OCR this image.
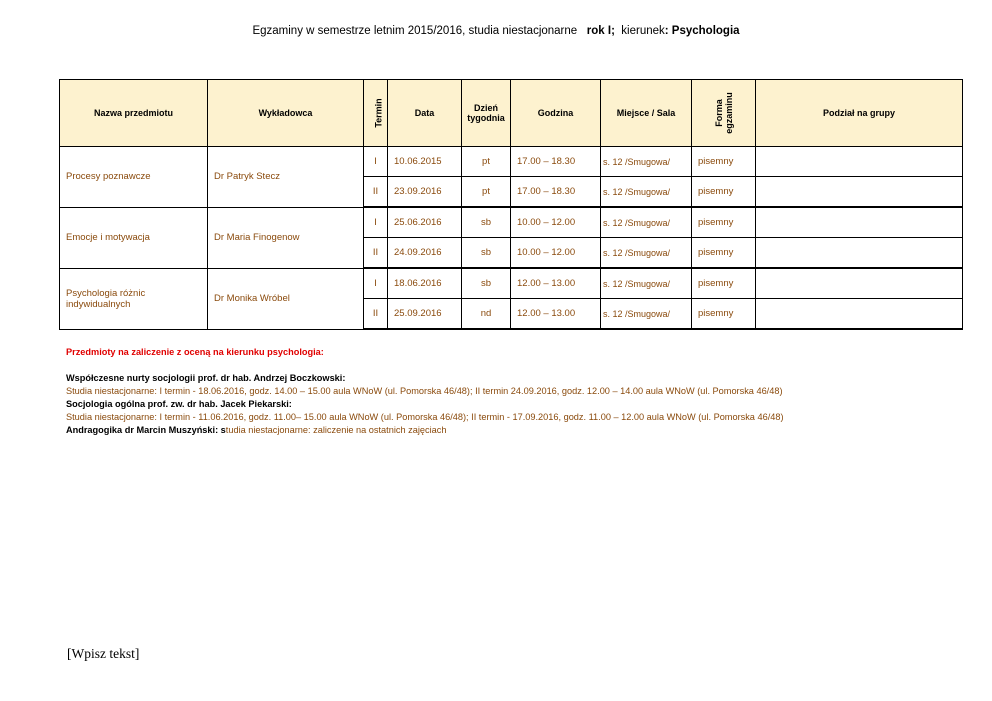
Egzaminy w semestrze letnim 2015/2016, studia niestacjonarne rok I; kierunek: Psychologia
Nazwa przedmiotu	Wykładowca	Termin	Data	Dzień tygodnia	Godzina	Miejsce / Sala	Forma egzaminu	Podział na grupy
Procesy poznawcze	Dr Patryk Stecz	I	10.06.2015	pt	17.00 – 18.30	s. 12 /Smugowa/	pisemny	
		II	23.09.2016	pt	17.00 – 18.30	s. 12 /Smugowa/	pisemny	
Emocje i motywacja	Dr Maria Finogenow	I	25.06.2016	sb	10.00 – 12.00	s. 12 /Smugowa/	pisemny	
		II	24.09.2016	sb	10.00 – 12.00	s. 12 /Smugowa/	pisemny	
Psychologia różnic indywidualnych	Dr Monika Wróbel	I	18.06.2016	sb	12.00 – 13.00	s. 12 /Smugowa/	pisemny	
		II	25.09.2016	nd	12.00 – 13.00	s. 12 /Smugowa/	pisemny	
Przedmioty na zaliczenie z oceną na kierunku psychologia:
Współczesne nurty socjologii prof. dr hab. Andrzej Boczkowski:
Studia niestacjonarne: I termin - 18.06.2016, godz. 14.00 – 15.00 aula WNoW (ul. Pomorska 46/48); II termin 24.09.2016, godz. 12.00 – 14.00 aula WNoW (ul. Pomorska 46/48)
Socjologia ogólna prof. zw. dr hab. Jacek Piekarski:
Studia niestacjonarne: I termin - 11.06.2016, godz. 11.00– 15.00 aula WNoW (ul. Pomorska 46/48); II termin - 17.09.2016, godz. 11.00 – 12.00 aula WNoW (ul. Pomorska 46/48)
Andragogika dr Marcin Muszyński: studia niestacjonarne: zaliczenie na ostatnich zajęciach
[Wpisz tekst]
